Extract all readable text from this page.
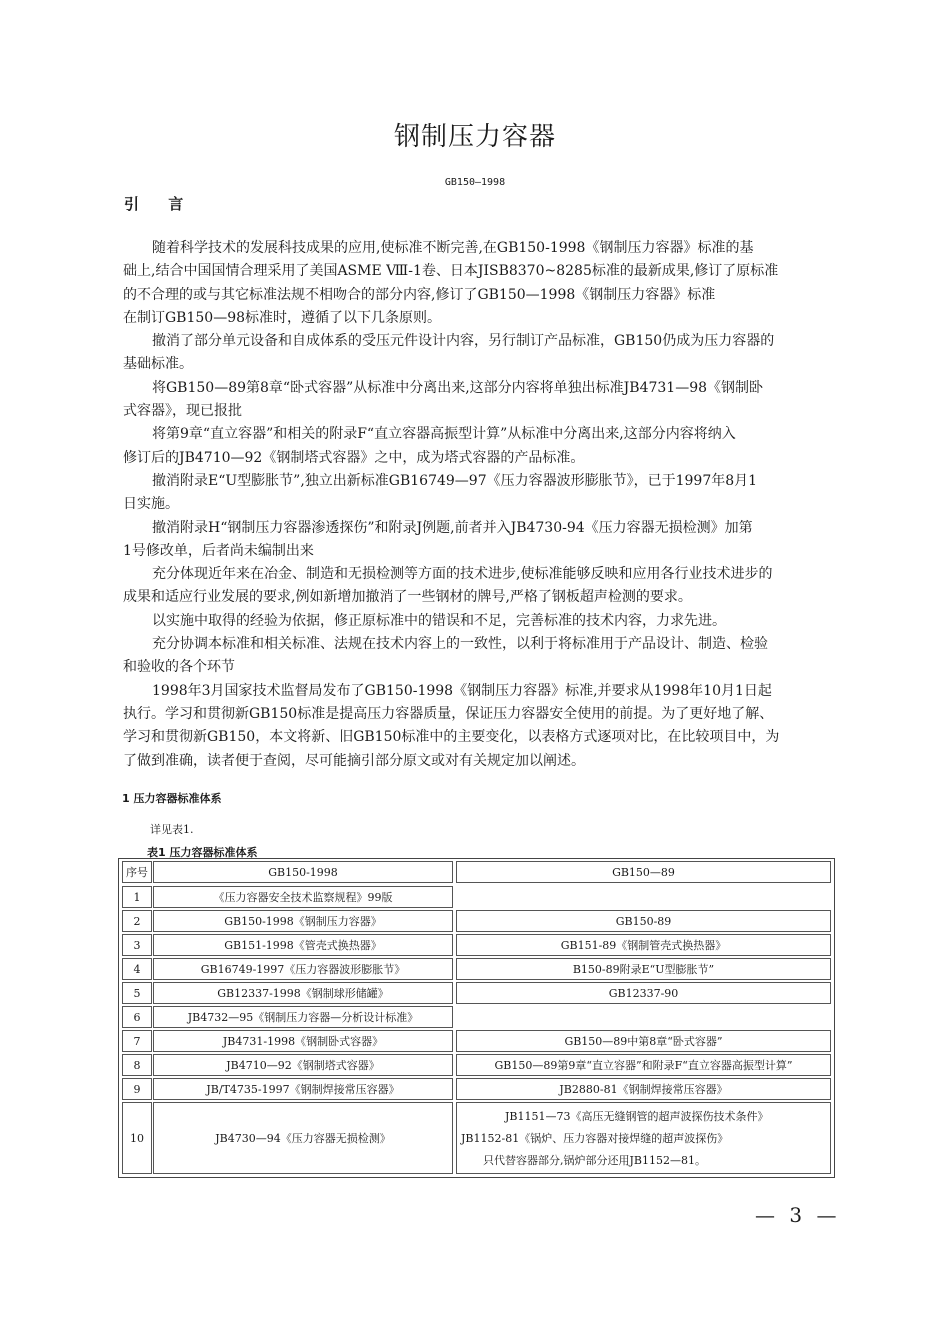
钢制压力容器
GB150—1998
引 言
随着科学技术的发展科技成果的应用,使标准不断完善,在GB150-1998《钢制压力容器》标准的基
础上,结合中国国情合理采用了美国ASME Ⅷ-1卷、日本JISB8370~8285标准的最新成果,修订了原标准
的不合理的或与其它标准法规不相吻合的部分内容,修订了GB150—1998《钢制压力容器》标准
在制订GB150—98标准时，遵循了以下几条原则。
撤消了部分单元设备和自成体系的受压元件设计内容，另行制订产品标准，GB150仍成为压力容器的
基础标准。
将GB150—89第8章“卧式容器”从标准中分离出来,这部分内容将单独出标准JB4731—98《钢制卧
式容器》，现已报批
将第9章“直立容器”和相关的附录F“直立容器高振型计算”从标准中分离出来,这部分内容将纳入
修订后的JB4710—92《钢制塔式容器》之中，成为塔式容器的产品标准。
撤消附录E“U型膨胀节”,独立出新标准GB16749—97《压力容器波形膨胀节》，已于1997年8月1
日实施。
撤消附录H“钢制压力容器渗透探伤”和附录J例题,前者并入JB4730-94《压力容器无损检测》加第
1号修改单，后者尚未编制出来
充分体现近年来在冶金、制造和无损检测等方面的技术进步,使标准能够反映和应用各行业技术进步的
成果和适应行业发展的要求,例如新增加撤消了一些钢材的牌号,严格了钢板超声检测的要求。
以实施中取得的经验为依据，修正原标准中的错误和不足，完善标准的技术内容，力求先进。
充分协调本标准和相关标准、法规在技术内容上的一致性，以利于将标准用于产品设计、制造、检验
和验收的各个环节
1998年3月国家技术监督局发布了GB150-1998《钢制压力容器》标准,并要求从1998年10月1日起
执行。学习和贯彻新GB150标准是提高压力容器质量，保证压力容器安全使用的前提。为了更好地了解、
学习和贯彻新GB150，本文将新、旧GB150标准中的主要变化，以表格方式逐项对比，在比较项目中，为
了做到准确，读者便于查阅，尽可能摘引部分原文或对有关规定加以阐述。
1 压力容器标准体系
详见表1.
表1 压力容器标准体系
序号	GB150-1998	GB150—89
1	《压力容器安全技术监察规程》99版
2	GB150-1998《钢制压力容器》	GB150-89
3	GB151-1998《管壳式换热器》	GB151-89《钢制管壳式换热器》
4	GB16749-1997《压力容器波形膨胀节》	B150-89附录E“U型膨胀节”
5	GB12337-1998《钢制球形储罐》	GB12337-90
6	JB4732—95《钢制压力容器—分析设计标准》
7	JB4731-1998《钢制卧式容器》	GB150—89中第8章“卧式容器”
8	JB4710—92《钢制塔式容器》	GB150—89第9章“直立容器”和附录F“直立容器高振型计算”
9	JB/T4735-1997《钢制焊接常压容器》	JB2880-81《钢制焊接常压容器》
10	JB4730—94《压力容器无损检测》
JB1151—73《高压无缝钢管的超声波探伤技术条件》
JB1152-81《锅炉、压力容器对接焊缝的超声波探伤》
只代替容器部分,锅炉部分还用JB1152—81。
— 3 —
